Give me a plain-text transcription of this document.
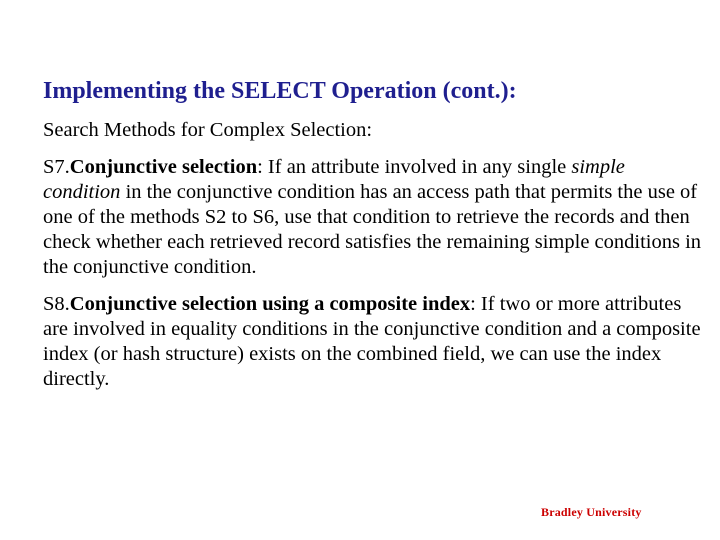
Implementing the SELECT Operation (cont.):

Search Methods for Complex Selection:

S7.Conjunctive selection: If an attribute involved in any single simple condition in the conjunctive condition has an access path that permits the use of one of the methods S2 to S6, use that condition to retrieve the records and then check whether each retrieved record satisfies the remaining simple conditions in the conjunctive condition.

S8.Conjunctive selection using a composite index: If two or more attributes are involved in equality conditions in the conjunctive condition and a composite index (or hash structure) exists on the combined field, we can use the index directly.

Bradley University
